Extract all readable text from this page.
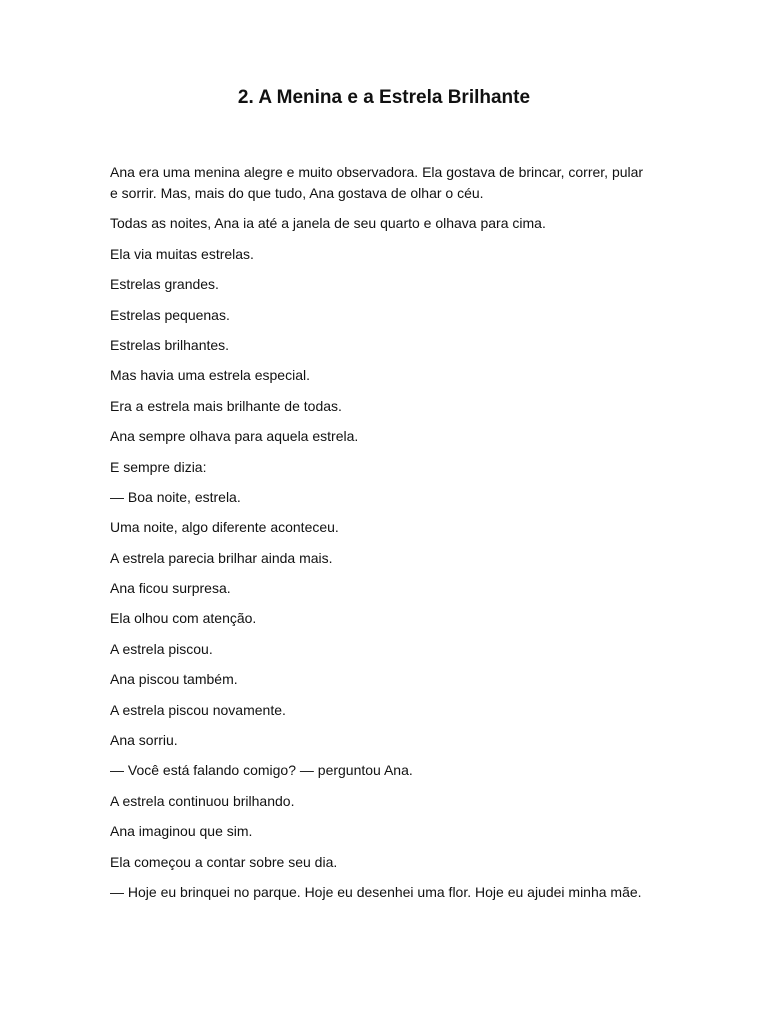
2. A Menina e a Estrela Brilhante

Ana era uma menina alegre e muito observadora. Ela gostava de brincar, correr, pular e sorrir. Mas, mais do que tudo, Ana gostava de olhar o céu.

Todas as noites, Ana ia até a janela de seu quarto e olhava para cima.

Ela via muitas estrelas.

Estrelas grandes.

Estrelas pequenas.

Estrelas brilhantes.

Mas havia uma estrela especial.

Era a estrela mais brilhante de todas.

Ana sempre olhava para aquela estrela.

E sempre dizia:

— Boa noite, estrela.

Uma noite, algo diferente aconteceu.

A estrela parecia brilhar ainda mais.

Ana ficou surpresa.

Ela olhou com atenção.

A estrela piscou.

Ana piscou também.

A estrela piscou novamente.

Ana sorriu.

— Você está falando comigo? — perguntou Ana.

A estrela continuou brilhando.

Ana imaginou que sim.

Ela começou a contar sobre seu dia.

— Hoje eu brinquei no parque. Hoje eu desenhei uma flor. Hoje eu ajudei minha mãe.
